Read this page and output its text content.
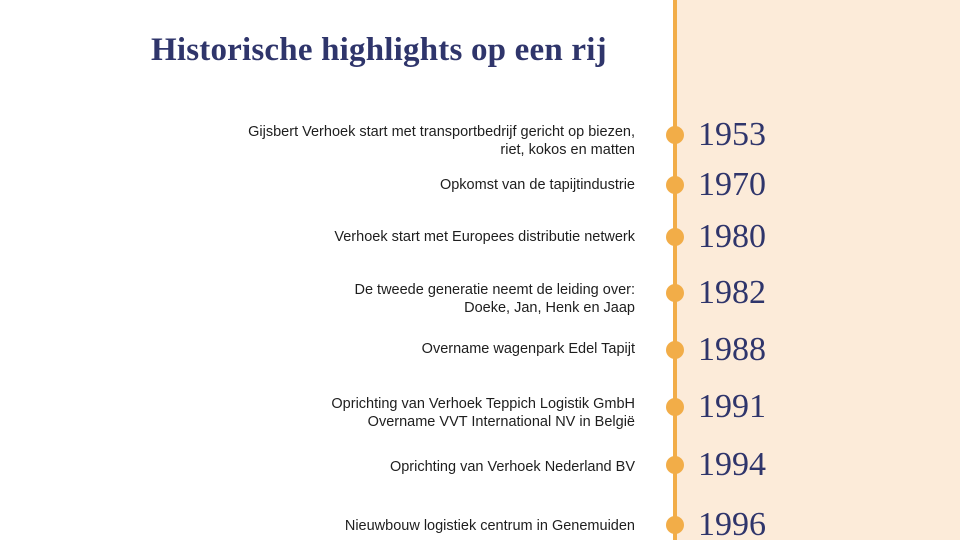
Historische highlights op een rij
Gijsbert Verhoek start met transportbedrijf gericht op biezen,
riet, kokos en matten 1953
Opkomst van de tapijtindustrie 1970
Verhoek start met Europees distributie netwerk 1980
De tweede generatie neemt de leiding over:
Doeke, Jan, Henk en Jaap 1982
Overname wagenpark Edel Tapijt 1988
Oprichting van Verhoek Teppich Logistik GmbH
Overname VVT International NV in België 1991
Oprichting van Verhoek Nederland BV 1994
Nieuwbouw logistiek centrum in Genemuiden 1996
